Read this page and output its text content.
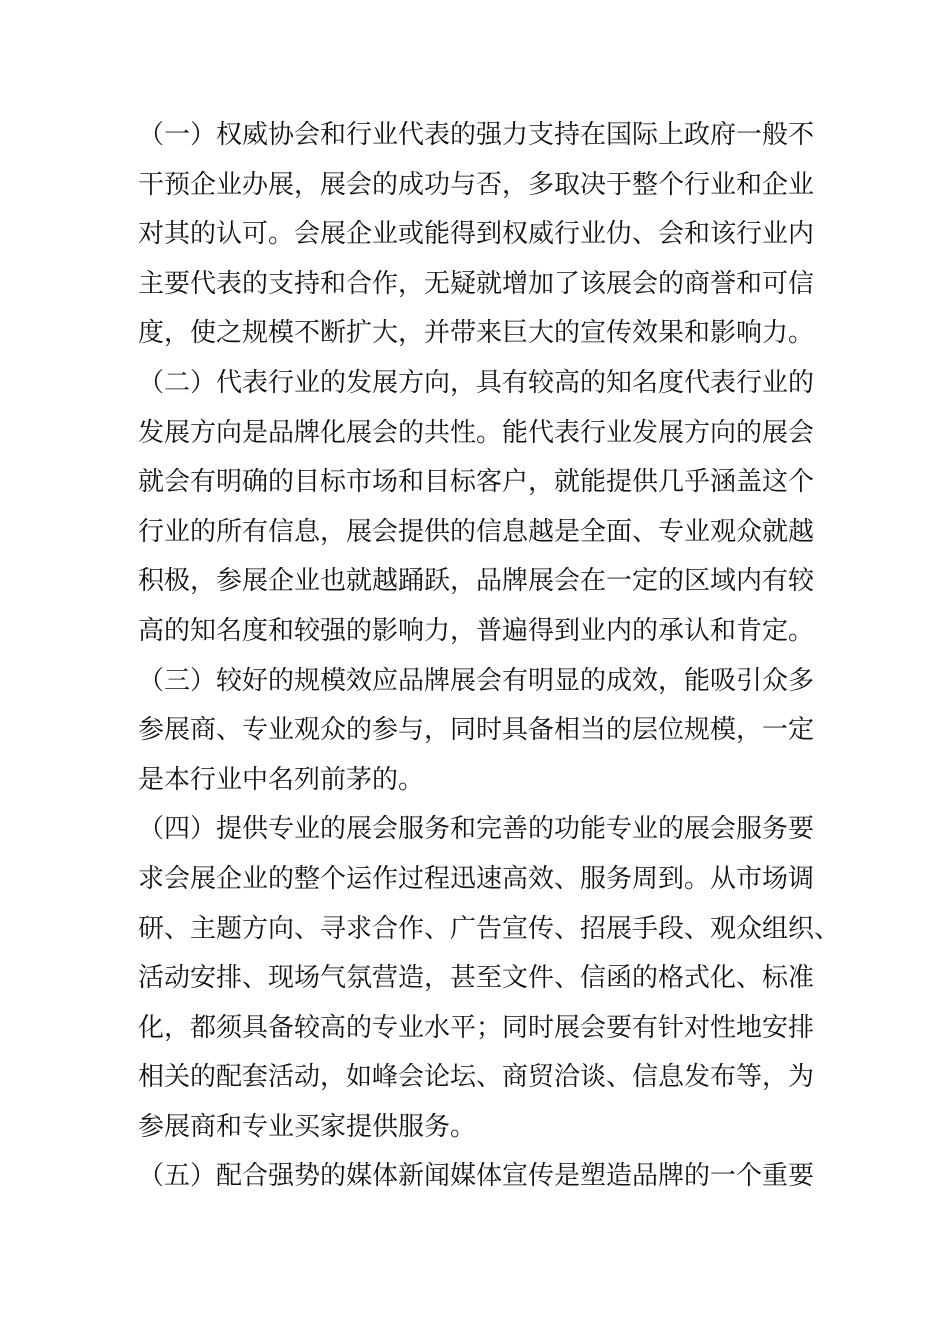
（一）权威协会和行业代表的强力支持在国际上政府一般不

干预企业办展，展会的成功与否，多取决于整个行业和企业

对其的认可。会展企业或能得到权威行业仂、会和该行业内

主要代表的支持和合作，无疑就增加了该展会的商誉和可信

度，使之规模不断扩大，并带来巨大的宣传效果和影响力。

（二）代表行业的发展方向，具有较高的知名度代表行业的

发展方向是品牌化展会的共性。能代表行业发展方向的展会

就会有明确的目标市场和目标客户，就能提供几乎涵盖这个

行业的所有信息，展会提供的信息越是全面、专业观众就越

积极，参展企业也就越踊跃，品牌展会在一定的区域内有较

高的知名度和较强的影响力，普遍得到业内的承认和肯定。

（三）较好的规模效应品牌展会有明显的成效，能吸引众多

参展商、专业观众的参与，同时具备相当的层位规模，一定

是本行业中名列前茅的。

（四）提供专业的展会服务和完善的功能专业的展会服务要

求会展企业的整个运作过程迅速高效、服务周到。从市场调

研、主题方向、寻求合作、广告宣传、招展手段、观众组织、

活动安排、现场气氛营造，甚至文件、信函的格式化、标准

化，都须具备较高的专业水平；同时展会要有针对性地安排

相关的配套活动，如峰会论坛、商贸洽谈、信息发布等，为

参展商和专业买家提供服务。

（五）配合强势的媒体新闻媒体宣传是塑造品牌的一个重要
